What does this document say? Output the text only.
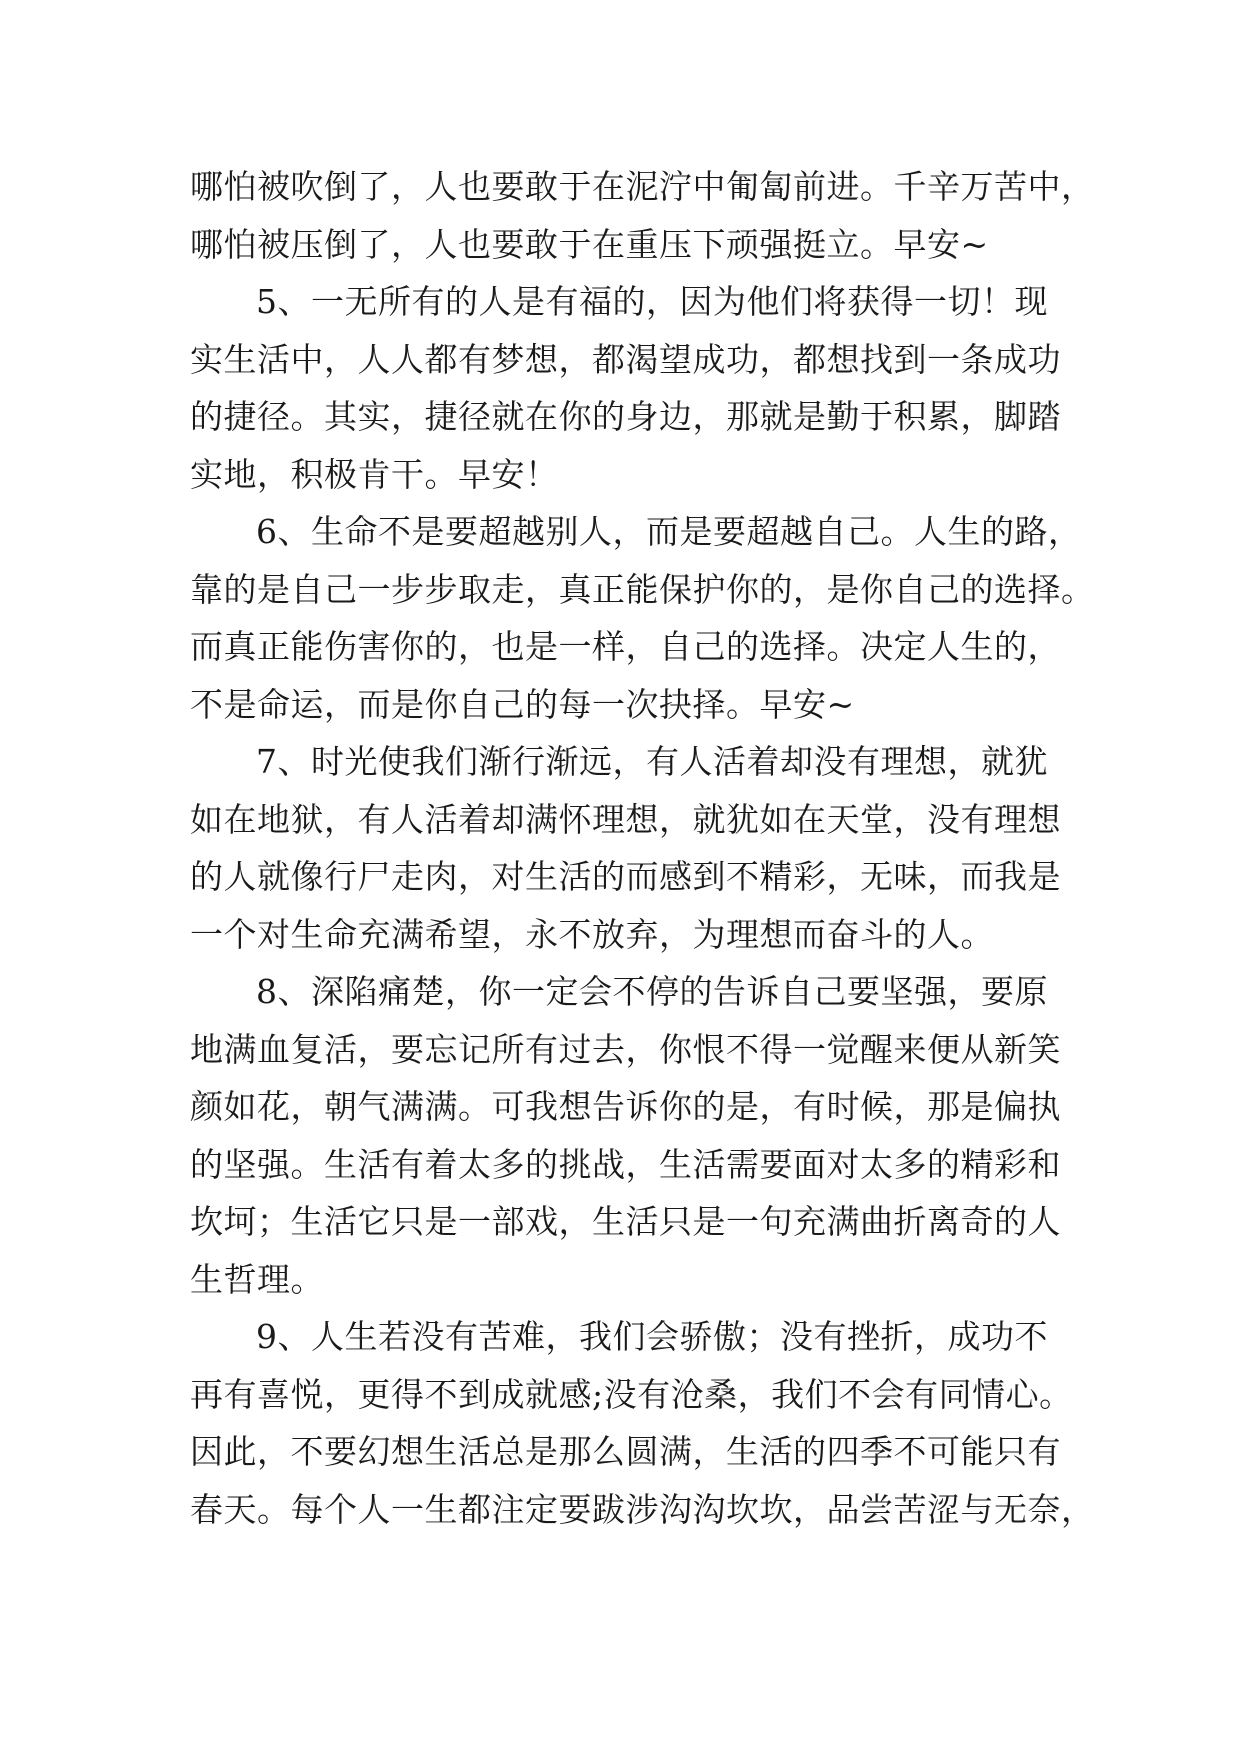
哪怕被吹倒了，人也要敢于在泥泞中匍匐前进。千辛万苦中，
哪怕被压倒了，人也要敢于在重压下顽强挺立。早安~
5、一无所有的人是有福的，因为他们将获得一切！现
实生活中，人人都有梦想，都渴望成功，都想找到一条成功
的捷径。其实，捷径就在你的身边，那就是勤于积累，脚踏
实地，积极肯干。早安！
6、生命不是要超越别人，而是要超越自己。人生的路，
靠的是自己一步步取走，真正能保护你的，是你自己的选择。
而真正能伤害你的，也是一样，自己的选择。决定人生的，
不是命运，而是你自己的每一次抉择。早安~
7、时光使我们渐行渐远，有人活着却没有理想，就犹
如在地狱，有人活着却满怀理想，就犹如在天堂，没有理想
的人就像行尸走肉，对生活的而感到不精彩，无味，而我是
一个对生命充满希望，永不放弃，为理想而奋斗的人。
8、深陷痛楚，你一定会不停的告诉自己要坚强，要原
地满血复活，要忘记所有过去，你恨不得一觉醒来便从新笑
颜如花，朝气满满。可我想告诉你的是，有时候，那是偏执
的坚强。生活有着太多的挑战，生活需要面对太多的精彩和
坎坷；生活它只是一部戏，生活只是一句充满曲折离奇的人
生哲理。
9、人生若没有苦难，我们会骄傲；没有挫折，成功不
再有喜悦，更得不到成就感;没有沧桑，我们不会有同情心。
因此，不要幻想生活总是那么圆满，生活的四季不可能只有
春天。每个人一生都注定要跋涉沟沟坎坎，品尝苦涩与无奈，
